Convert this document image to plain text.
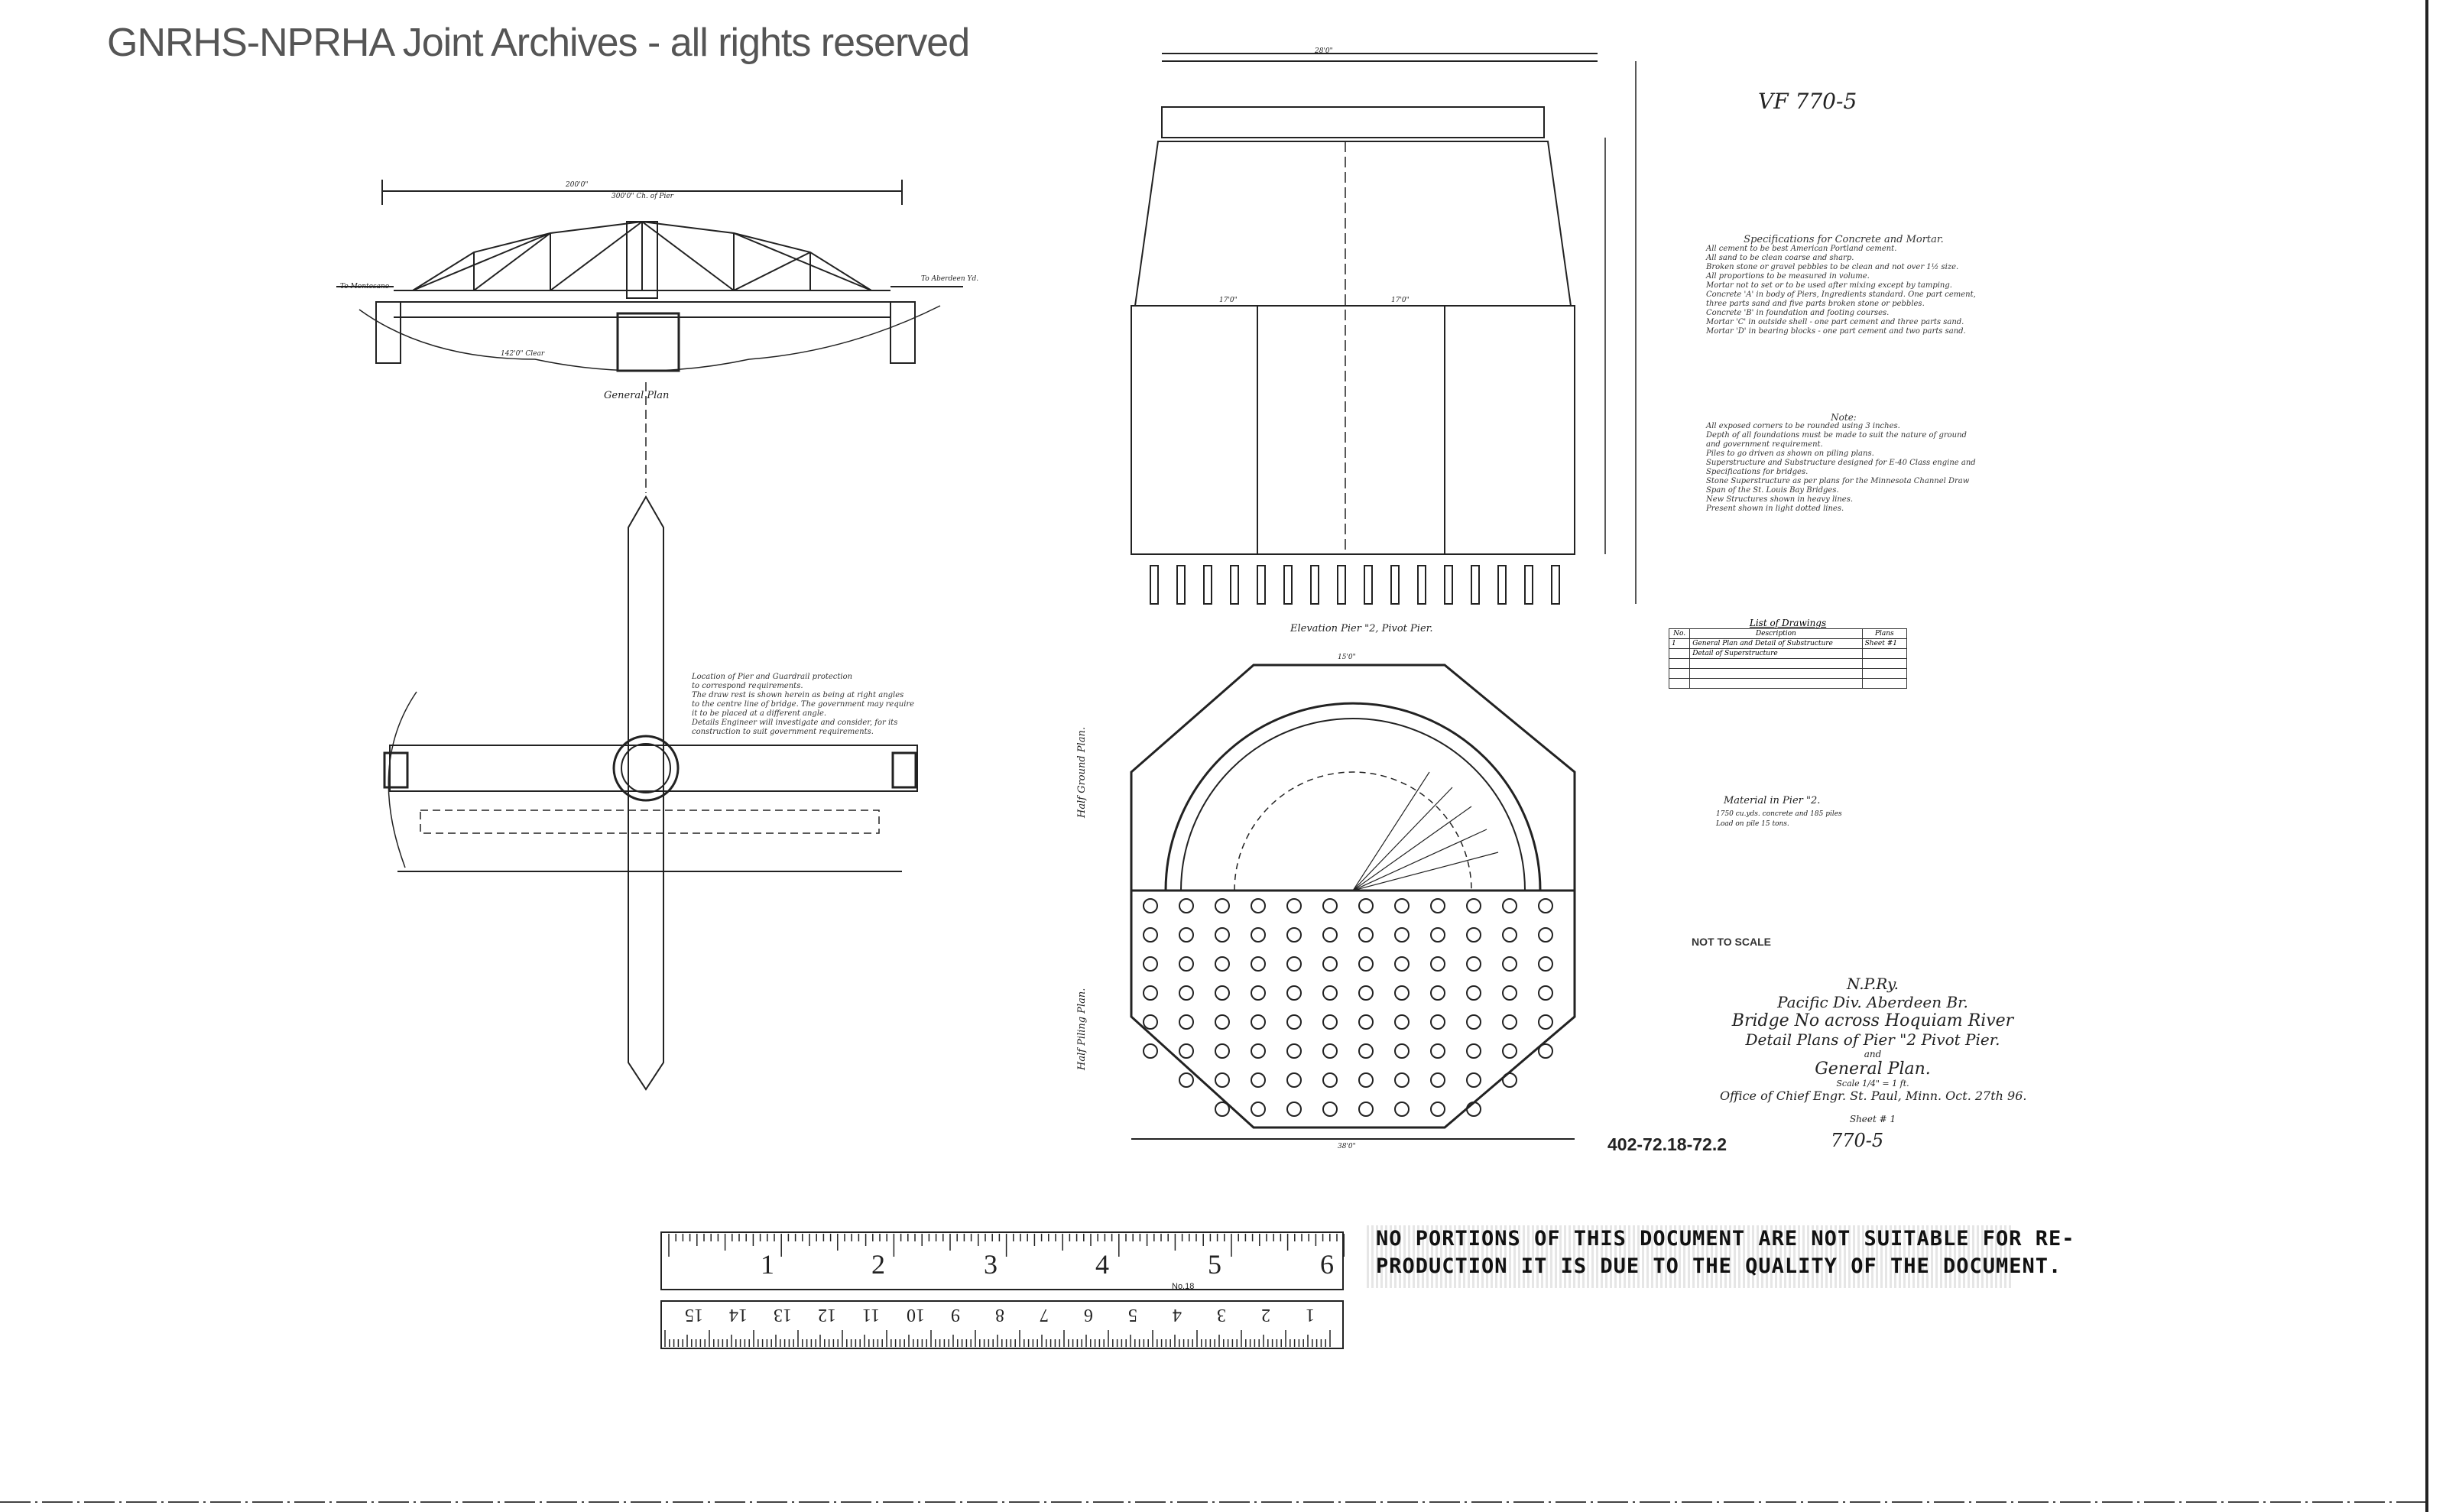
GNRHS-NPRHA Joint Archives - all rights reserved
VF 770-5
General Plan
Elevation Pier "2, Pivot Pier.
Half Ground Plan.
Half Piling Plan.
To Montesano
To Aberdeen Yd.
200'0"
300'0" Ch. of Pier
142'0" Clear
28'0"
17'0"	17'0"
38'0"
15'0"

Specifications for Concrete and Mortar.

All cement to be best American Portland cement.

All sand to be clean coarse and sharp.

Broken stone or gravel pebbles to be clean and not over 1½ size.

All proportions to be measured in volume.

Mortar not to set or to be used after mixing except by tamping.

Concrete 'A' in body of Piers, Ingredients standard. One part cement, three parts sand and five parts broken stone or pebbles.

Concrete 'B' in foundation and footing courses.

Mortar 'C' in outside shell - one part cement and three parts sand.

Mortar 'D' in bearing blocks - one part cement and two parts sand.

Note:

All exposed corners to be rounded using 3 inches.

Depth of all foundations must be made to suit the nature of ground and government requirement.

Piles to go driven as shown on piling plans.

Superstructure and Substructure designed for E-40 Class engine and Specifications for bridges.

Stone Superstructure as per plans for the Minnesota Channel Draw Span of the St. Louis Bay Bridges.

New Structures shown in heavy lines.

Present shown in light dotted lines.

Location of Pier and Guardrail protection

to correspond requirements.

The draw rest is shown herein as being at right angles

to the centre line of bridge. The government may require

it to be placed at a different angle.

Details Engineer will investigate and consider, for its

construction to suit government requirements.

List of Drawings
No.	Description	Plans
1	General Plan and Detail of Substructure	Sheet #1
	Detail of Superstructure	

Material in Pier "2.
1750 cu.yds. concrete and 185 piles
Load on pile 15 tons.
NOT TO SCALE
N.P.Ry.
Pacific Div. Aberdeen Br.
Bridge No across Hoquiam River
Detail Plans of Pier "2 Pivot Pier.
and
General Plan.
Scale 1/4" = 1 ft.
Office of Chief Engr. St. Paul, Minn. Oct. 27th 96.
Sheet # 1
402-72.18-72.2	770-5
1	2	3	4	5	6
No.18
1
2
3
4
5
6
7
8
9
10
11
12
13
14
15
NO PORTIONS OF THIS DOCUMENT ARE NOT SUITABLE FOR RE-
PRODUCTION IT IS DUE TO THE QUALITY OF THE DOCUMENT.
